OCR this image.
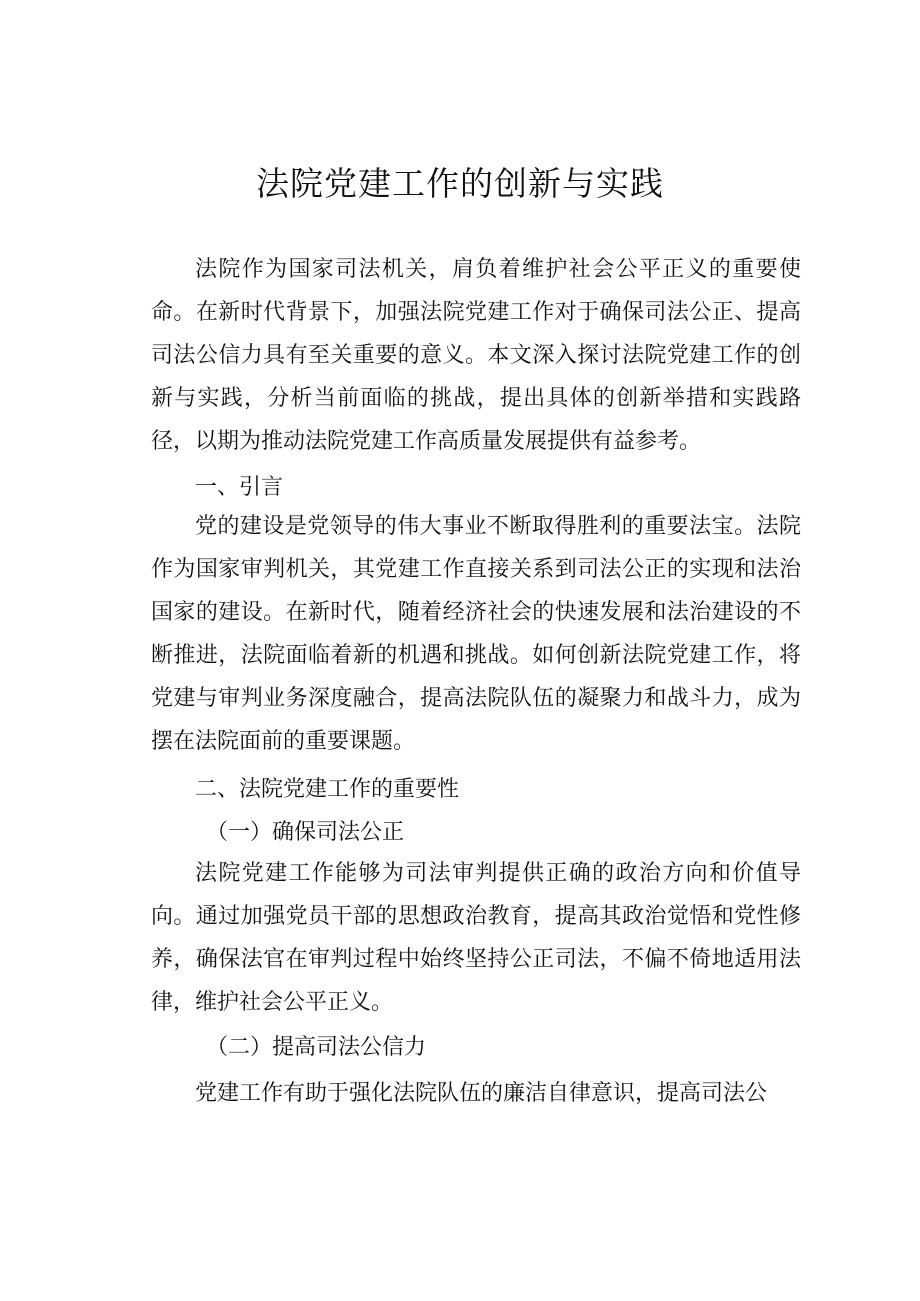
法院党建工作的创新与实践

法院作为国家司法机关，肩负着维护社会公平正义的重要使命。在新时代背景下，加强法院党建工作对于确保司法公正、提高司法公信力具有至关重要的意义。本文深入探讨法院党建工作的创新与实践，分析当前面临的挑战，提出具体的创新举措和实践路径，以期为推动法院党建工作高质量发展提供有益参考。

一、引言

党的建设是党领导的伟大事业不断取得胜利的重要法宝。法院作为国家审判机关，其党建工作直接关系到司法公正的实现和法治国家的建设。在新时代，随着经济社会的快速发展和法治建设的不断推进，法院面临着新的机遇和挑战。如何创新法院党建工作，将党建与审判业务深度融合，提高法院队伍的凝聚力和战斗力，成为摆在法院面前的重要课题。

二、法院党建工作的重要性
（一）确保司法公正

法院党建工作能够为司法审判提供正确的政治方向和价值导向。通过加强党员干部的思想政治教育，提高其政治觉悟和党性修养，确保法官在审判过程中始终坚持公正司法，不偏不倚地适用法律，维护社会公平正义。

（二）提高司法公信力

党建工作有助于强化法院队伍的廉洁自律意识，提高司法公
